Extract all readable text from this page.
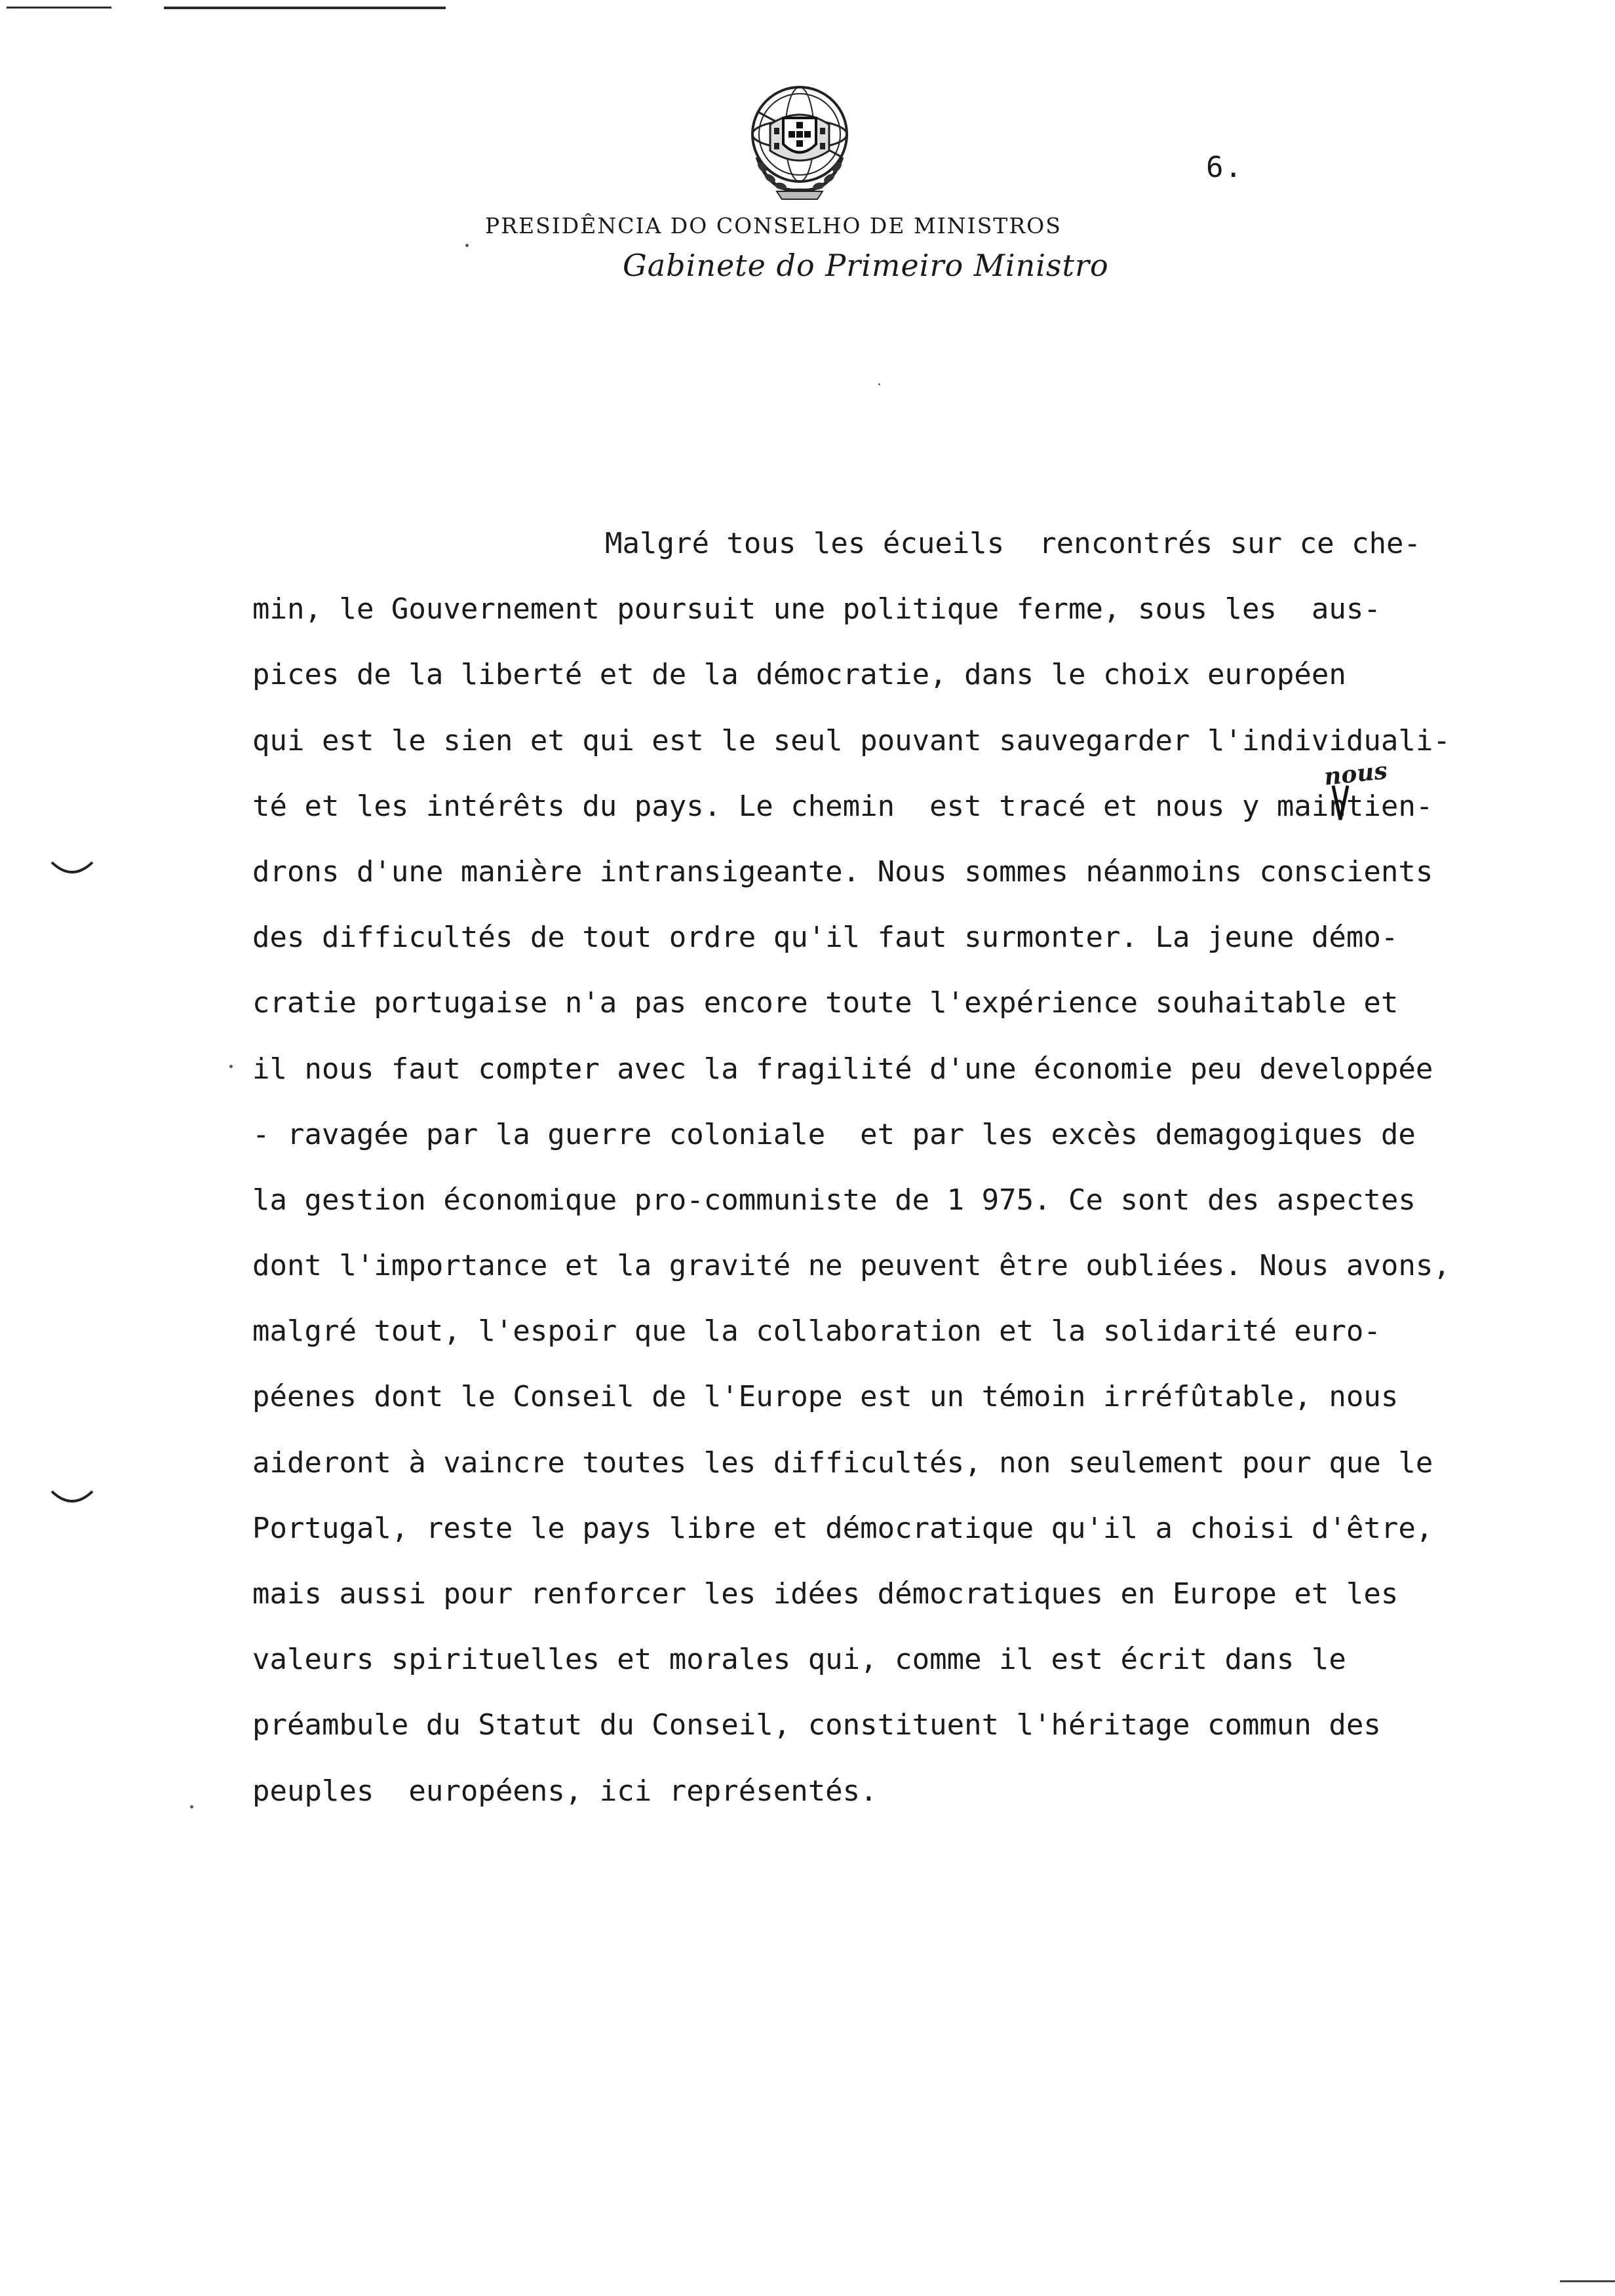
6.
PRESIDÊNCIA DO CONSELHO DE MINISTROS
Gabinete do Primeiro Ministro
Malgré tous les écueils  rencontrés sur ce che-
min, le Gouvernement poursuit une politique ferme, sous les  aus-
pices de la liberté et de la démocratie, dans le choix européen
qui est le sien et qui est le seul pouvant sauvegarder l'individuali-
té et les intérêts du pays. Le chemin  est tracé et nous y maintien-
drons d'une manière intransigeante. Nous sommes néanmoins conscients
des difficultés de tout ordre qu'il faut surmonter. La jeune démo-
cratie portugaise n'a pas encore toute l'expérience souhaitable et
il nous faut compter avec la fragilité d'une économie peu developpée
- ravagée par la guerre coloniale  et par les excès demagogiques de
la gestion économique pro-communiste de 1 975. Ce sont des aspectes
dont l'importance et la gravité ne peuvent être oubliées. Nous avons,
malgré tout, l'espoir que la collaboration et la solidarité euro-
péenes dont le Conseil de l'Europe est un témoin irréfûtable, nous
aideront à vaincre toutes les difficultés, non seulement pour que le
Portugal, reste le pays libre et démocratique qu'il a choisi d'être,
mais aussi pour renforcer les idées démocratiques en Europe et les
valeurs spirituelles et morales qui, comme il est écrit dans le
préambule du Statut du Conseil, constituent l'héritage commun des
peuples  européens, ici représentés.
nous
